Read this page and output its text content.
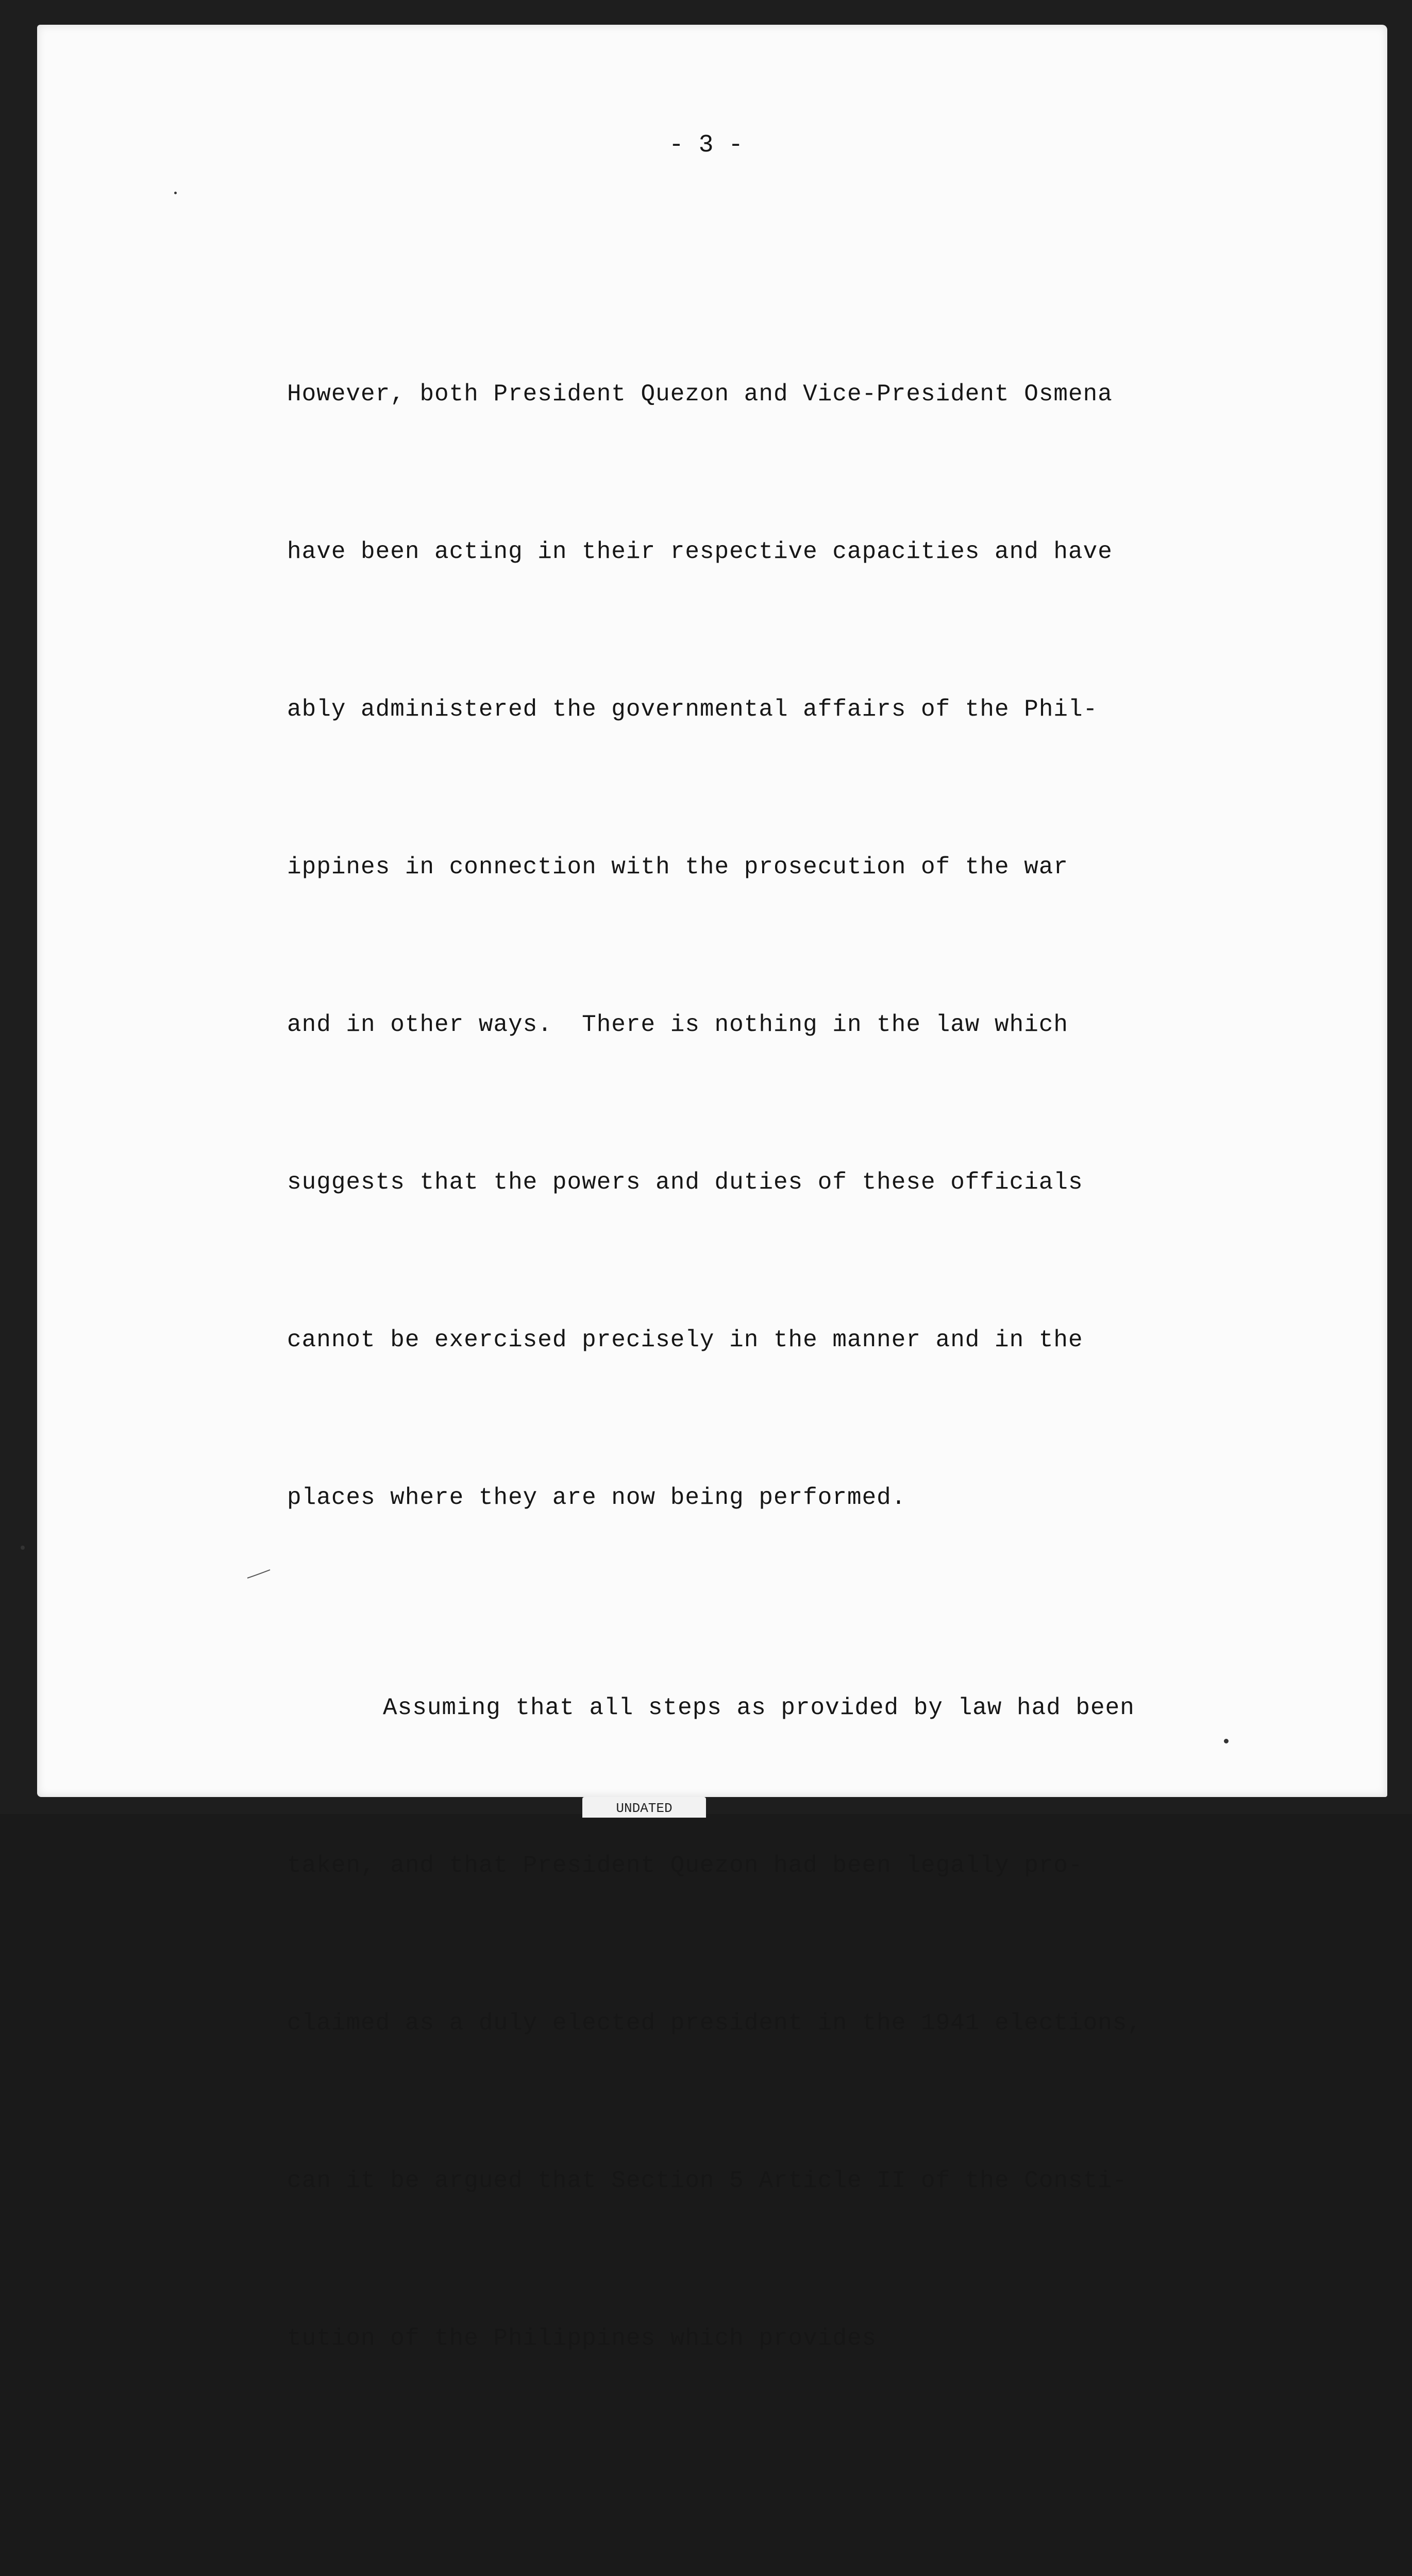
- 3 -

However, both President Quezon and Vice-President Osmena

have been acting in their respective capacities and have

ably administered the governmental affairs of the Phil-

ippines in connection with the prosecution of the war

and in other ways.  There is nothing in the law which

suggests that the powers and duties of these officials

cannot be exercised precisely in the manner and in the

places where they are now being performed.

Assuming that all steps as provided by law had been

taken, and that President Quezon had been legally pro-

claimed as a duly elected president in the 1941 elections,

can it be argued that Section 5 Article II of the Consti-

tution of the Philippines which provides

UNDATED
